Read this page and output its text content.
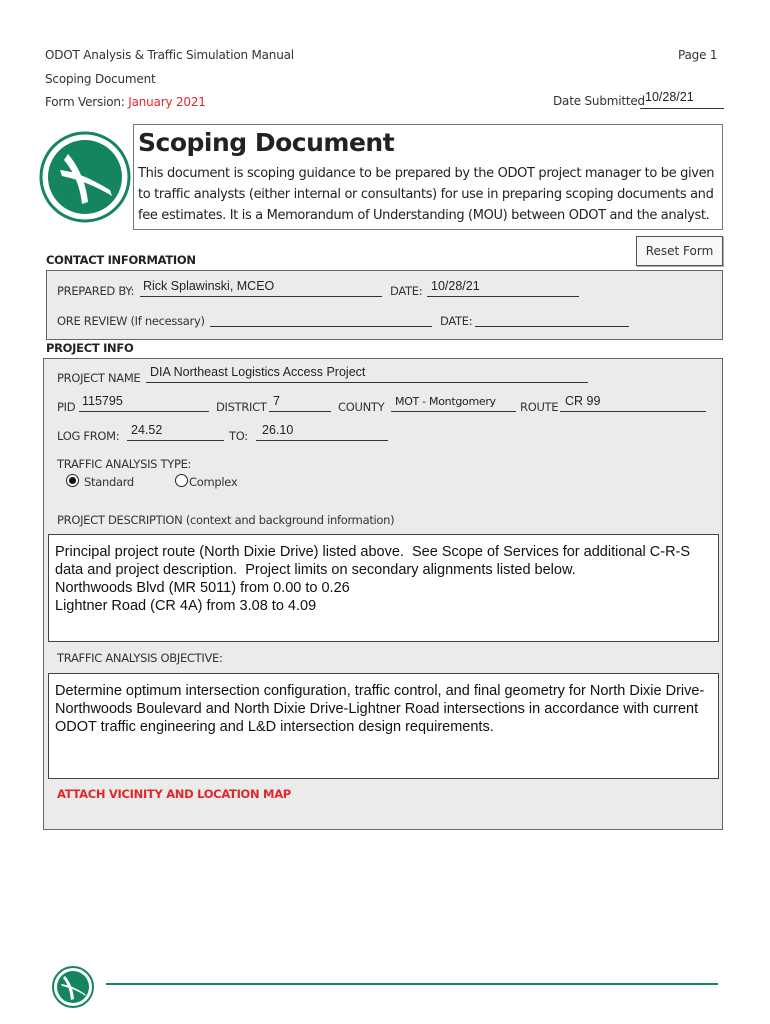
ODOT Analysis & Traffic Simulation Manual	Page 1
Scoping Document
Form Version: January 2021	Date Submitted 10/28/21
Scoping Document
This document is scoping guidance to be prepared by the ODOT project manager to be given to traffic analysts (either internal or consultants) for use in preparing scoping documents and fee estimates. It is a Memorandum of Understanding (MOU) between ODOT and the analyst.
Reset Form
CONTACT INFORMATION
PREPARED BY: Rick Splawinski, MCEO	DATE: 10/28/21
ORE REVIEW (If necessary)	DATE:
PROJECT INFO
PROJECT NAME DIA Northeast Logistics Access Project
PID 115795	DISTRICT 7	COUNTY MOT - Montgomery ROUTE CR 99
LOG FROM: 24.52	TO: 26.10
TRAFFIC ANALYSIS TYPE:
Standard	Complex
PROJECT DESCRIPTION (context and background information)
Principal project route (North Dixie Drive) listed above.  See Scope of Services for additional C-R-S data and project description.  Project limits on secondary alignments listed below.
Northwoods Blvd (MR 5011) from 0.00 to 0.26
Lightner Road (CR 4A) from 3.08 to 4.09
TRAFFIC ANALYSIS OBJECTIVE:
Determine optimum intersection configuration, traffic control, and final geometry for North Dixie Drive-Northwoods Boulevard and North Dixie Drive-Lightner Road intersections in accordance with current ODOT traffic engineering and L&D intersection design requirements.
ATTACH VICINITY AND LOCATION MAP
